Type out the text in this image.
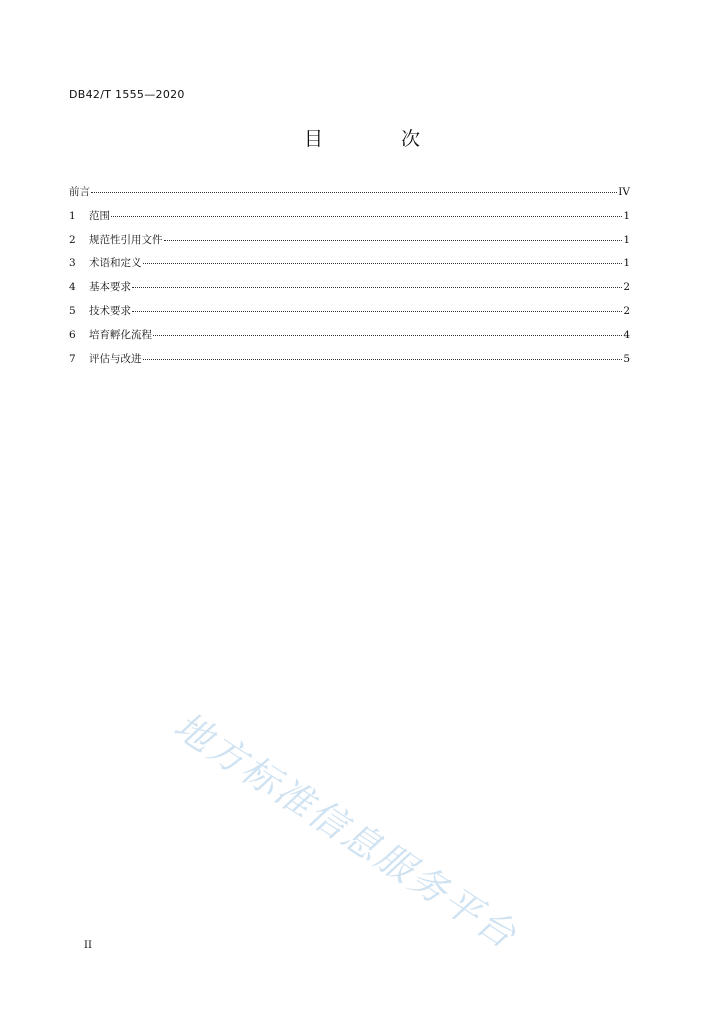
DB42/T 1555—2020
目 次
前言	IV
1	范围	1
2	规范性引用文件	1
3	术语和定义	1
4	基本要求	2
5	技术要求	2
6	培育孵化流程	4
7	评估与改进	5
地方标准信息服务平台
II
